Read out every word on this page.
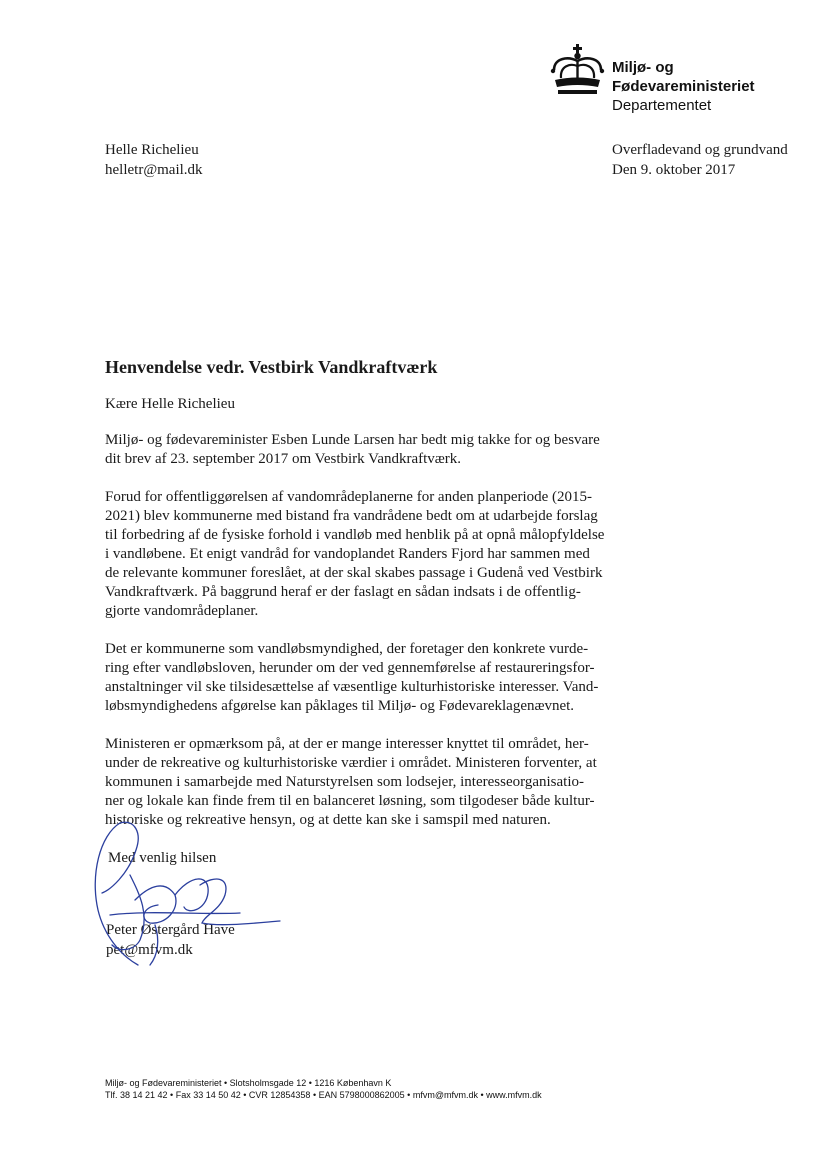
Miljø- og
Fødevareministeriet
Departementet
Helle Richelieu
helletr@mail.dk
Overfladevand og grundvand
Den 9. oktober 2017
Henvendelse vedr. Vestbirk Vandkraftværk
Kære Helle Richelieu
Miljø- og fødevareminister Esben Lunde Larsen har bedt mig takke for og besvare
dit brev af 23. september 2017 om Vestbirk Vandkraftværk.
Forud for offentliggørelsen af vandområdeplanerne for anden planperiode (2015-
2021) blev kommunerne med bistand fra vandrådene bedt om at udarbejde forslag
til forbedring af de fysiske forhold i vandløb med henblik på at opnå målopfyldelse
i vandløbene. Et enigt vandråd for vandoplandet Randers Fjord har sammen med
de relevante kommuner foreslået, at der skal skabes passage i Gudenå ved Vestbirk
Vandkraftværk. På baggrund heraf er der faslagt en sådan indsats i de offentlig-
gjorte vandområdeplaner.
Det er kommunerne som vandløbsmyndighed, der foretager den konkrete vurde-
ring efter vandløbsloven, herunder om der ved gennemførelse af restaureringsfor-
anstaltninger vil ske tilsidesættelse af væsentlige kulturhistoriske interesser. Vand-
løbsmyndighedens afgørelse kan påklages til Miljø- og Fødevareklagenævnet.
Ministeren er opmærksom på, at der er mange interesser knyttet til området, her-
under de rekreative og kulturhistoriske værdier i området. Ministeren forventer, at
kommunen i samarbejde med Naturstyrelsen som lodsejer, interesseorganisatio-
ner og lokale kan finde frem til en balanceret løsning, som tilgodeser både kultur-
historiske og rekreative hensyn, og at dette kan ske i samspil med naturen.
Med venlig hilsen
Peter Østergård Have
pet@mfvm.dk
Miljø- og Fødevareministeriet • Slotsholmsgade 12 • 1216 København K
Tlf. 38 14 21 42 • Fax 33 14 50 42 • CVR 12854358 • EAN 5798000862005 • mfvm@mfvm.dk • www.mfvm.dk
